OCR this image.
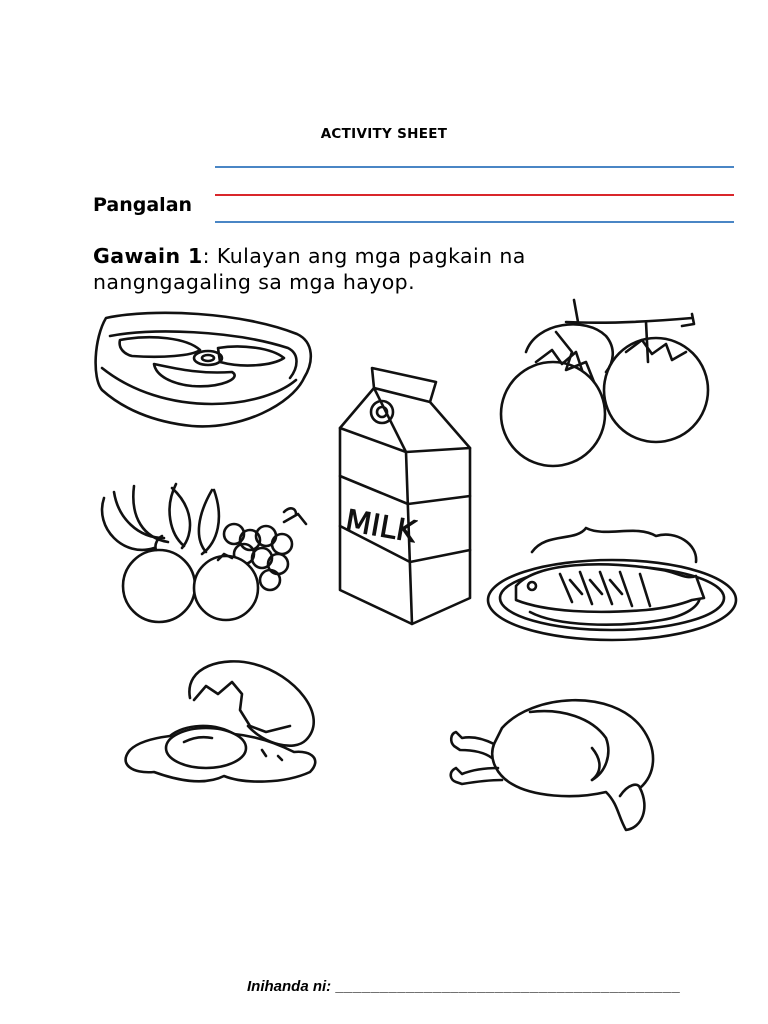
ACTIVITY SHEET
Pangalan
Gawain 1: Kulayan ang mga pagkain na nangngagaling sa mga hayop.
MILK
Inihanda ni: _______________________________________
